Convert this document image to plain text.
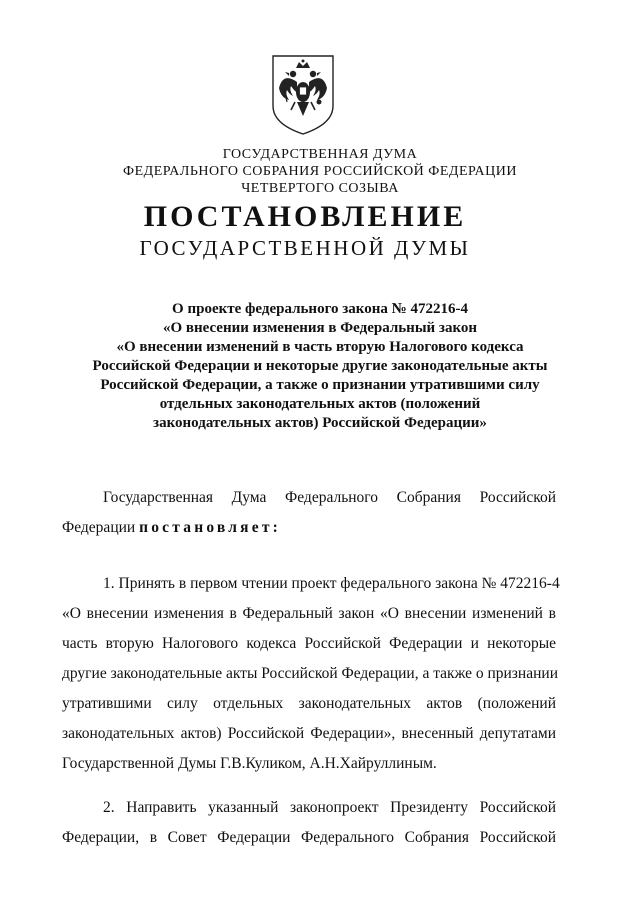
ГОСУДАРСТВЕННАЯ ДУМА
ФЕДЕРАЛЬНОГО СОБРАНИЯ РОССИЙСКОЙ ФЕДЕРАЦИИ
ЧЕТВЕРТОГО СОЗЫВА
ПОСТАНОВЛЕНИЕ
ГОСУДАРСТВЕННОЙ ДУМЫ
О проекте федерального закона № 472216-4
«О внесении изменения в Федеральный закон
«О внесении изменений в часть вторую Налогового кодекса
Российской Федерации и некоторые другие законодательные акты
Российской Федерации, а также о признании утратившими силу
отдельных законодательных актов (положений
законодательных актов) Российской Федерации»
Государственная Дума Федерального Собрания Российской
Федерации постановляет:
1. Принять в первом чтении проект федерального закона № 472216-4
«О внесении изменения в Федеральный закон «О внесении изменений в
часть вторую Налогового кодекса Российской Федерации и некоторые
другие законодательные акты Российской Федерации, а также о признании
утратившими силу отдельных законодательных актов (положений
законодательных актов) Российской Федерации», внесенный депутатами
Государственной Думы Г.В.Куликом, А.Н.Хайруллиным.
2. Направить указанный законопроект Президенту Российской
Федерации, в Совет Федерации Федерального Собрания Российской
